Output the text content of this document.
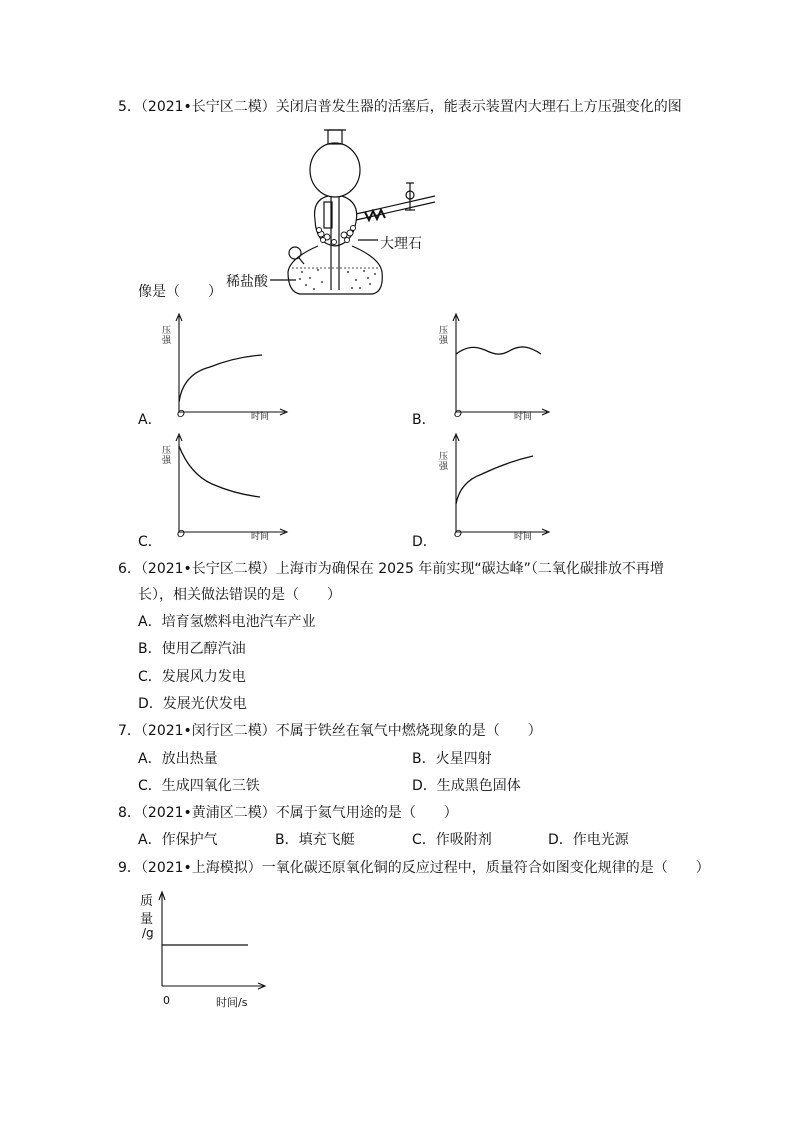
5．（2021•长宁区二模）关闭启普发生器的活塞后，能表示装置内大理石上方压强变化的图
大理石
稀盐酸
像是（　　）
压强
O	时间
A．
压强
O	时间
B．
压强
O	时间
C．
压强
O	时间
D．
6．（2021•长宁区二模）上海市为确保在 2025 年前实现“碳达峰”（二氧化碳排放不再增
长），相关做法错误的是（　　）
A．培育氢燃料电池汽车产业
B．使用乙醇汽油
C．发展风力发电
D．发展光伏发电
7．（2021•闵行区二模）不属于铁丝在氧气中燃烧现象的是（　　）
A．放出热量	B．火星四射
C．生成四氧化三铁	D．生成黑色固体
8．（2021•黄浦区二模）不属于氦气用途的是（　　）
A．作保护气	B．填充飞艇	C．作吸附剂	D．作电光源
9．（2021•上海模拟）一氧化碳还原氧化铜的反应过程中，质量符合如图变化规律的是（　　）
质
量
/g
0	时间/s
